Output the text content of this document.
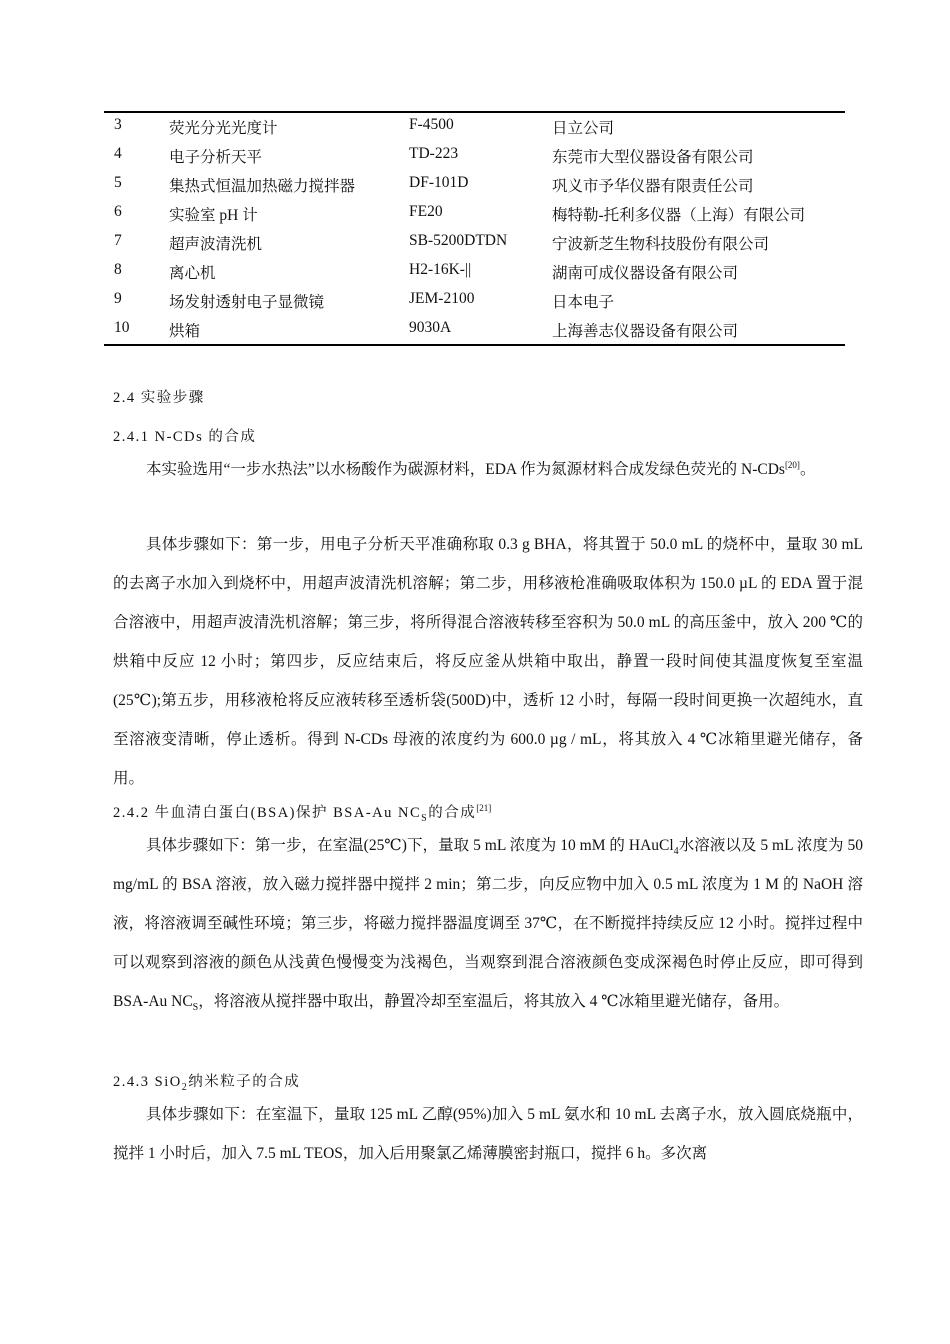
3	荧光分光光度计	F-4500	日立公司
4	电子分析天平	TD-223	东莞市大型仪器设备有限公司
5	集热式恒温加热磁力搅拌器	DF-101D	巩义市予华仪器有限责任公司
6	实验室 pH 计	FE20	梅特勒-托利多仪器（上海）有限公司
7	超声波清洗机	SB-5200DTDN	宁波新芝生物科技股份有限公司
8	离心机	H2-16K-||	湖南可成仪器设备有限公司
9	场发射透射电子显微镜	JEM-2100	日本电子
10	烘箱	9030A	上海善志仪器设备有限公司
2.4 实验步骤
2.4.1 N-CDs 的合成
本实验选用“一步水热法”以水杨酸作为碳源材料，EDA 作为氮源材料合成发绿色荧光的 N-CDs[20]。
具体步骤如下：第一步，用电子分析天平准确称取 0.3 g BHA，将其置于 50.0 mL 的烧杯中，量取 30 mL 的去离子水加入到烧杯中，用超声波清洗机溶解；第二步，用移液枪准确吸取体积为 150.0 µL 的 EDA 置于混合溶液中，用超声波清洗机溶解；第三步，将所得混合溶液转移至容积为 50.0 mL 的高压釜中，放入 200 ℃的烘箱中反应 12 小时；第四步，反应结束后，将反应釜从烘箱中取出，静置一段时间使其温度恢复至室温(25℃);第五步，用移液枪将反应液转移至透析袋(500D)中，透析 12 小时，每隔一段时间更换一次超纯水，直至溶液变清晰，停止透析。得到 N-CDs 母液的浓度约为 600.0 µg / mL，将其放入 4 ℃冰箱里避光储存，备用。
2.4.2 牛血清白蛋白(BSA)保护 BSA-Au $NC_S$的合成[21]
具体步骤如下：第一步，在室温(25℃)下，量取 5 mL 浓度为 10 mM 的 HAuCl$_4$水溶液以及 5 mL 浓度为 50 mg/mL 的 BSA 溶液，放入磁力搅拌器中搅拌 2 min；第二步，向反应物中加入 0.5 mL 浓度为 1 M 的 NaOH 溶液，将溶液调至碱性环境；第三步，将磁力搅拌器温度调至 37℃，在不断搅拌持续反应 12 小时。搅拌过程中可以观察到溶液的颜色从浅黄色慢慢变为浅褐色，当观察到混合溶液颜色变成深褐色时停止反应，即可得到 BSA-Au $NC_S$，将溶液从搅拌器中取出，静置冷却至室温后，将其放入 4 ℃冰箱里避光储存，备用。
2.4.3 SiO$_2$纳米粒子的合成
具体步骤如下：在室温下，量取 125 mL 乙醇(95%)加入 5 mL 氨水和 10 mL 去离子水，放入圆底烧瓶中，搅拌 1 小时后，加入 7.5 mL TEOS，加入后用聚氯乙烯薄膜密封瓶口，搅拌 6 h。多次离
